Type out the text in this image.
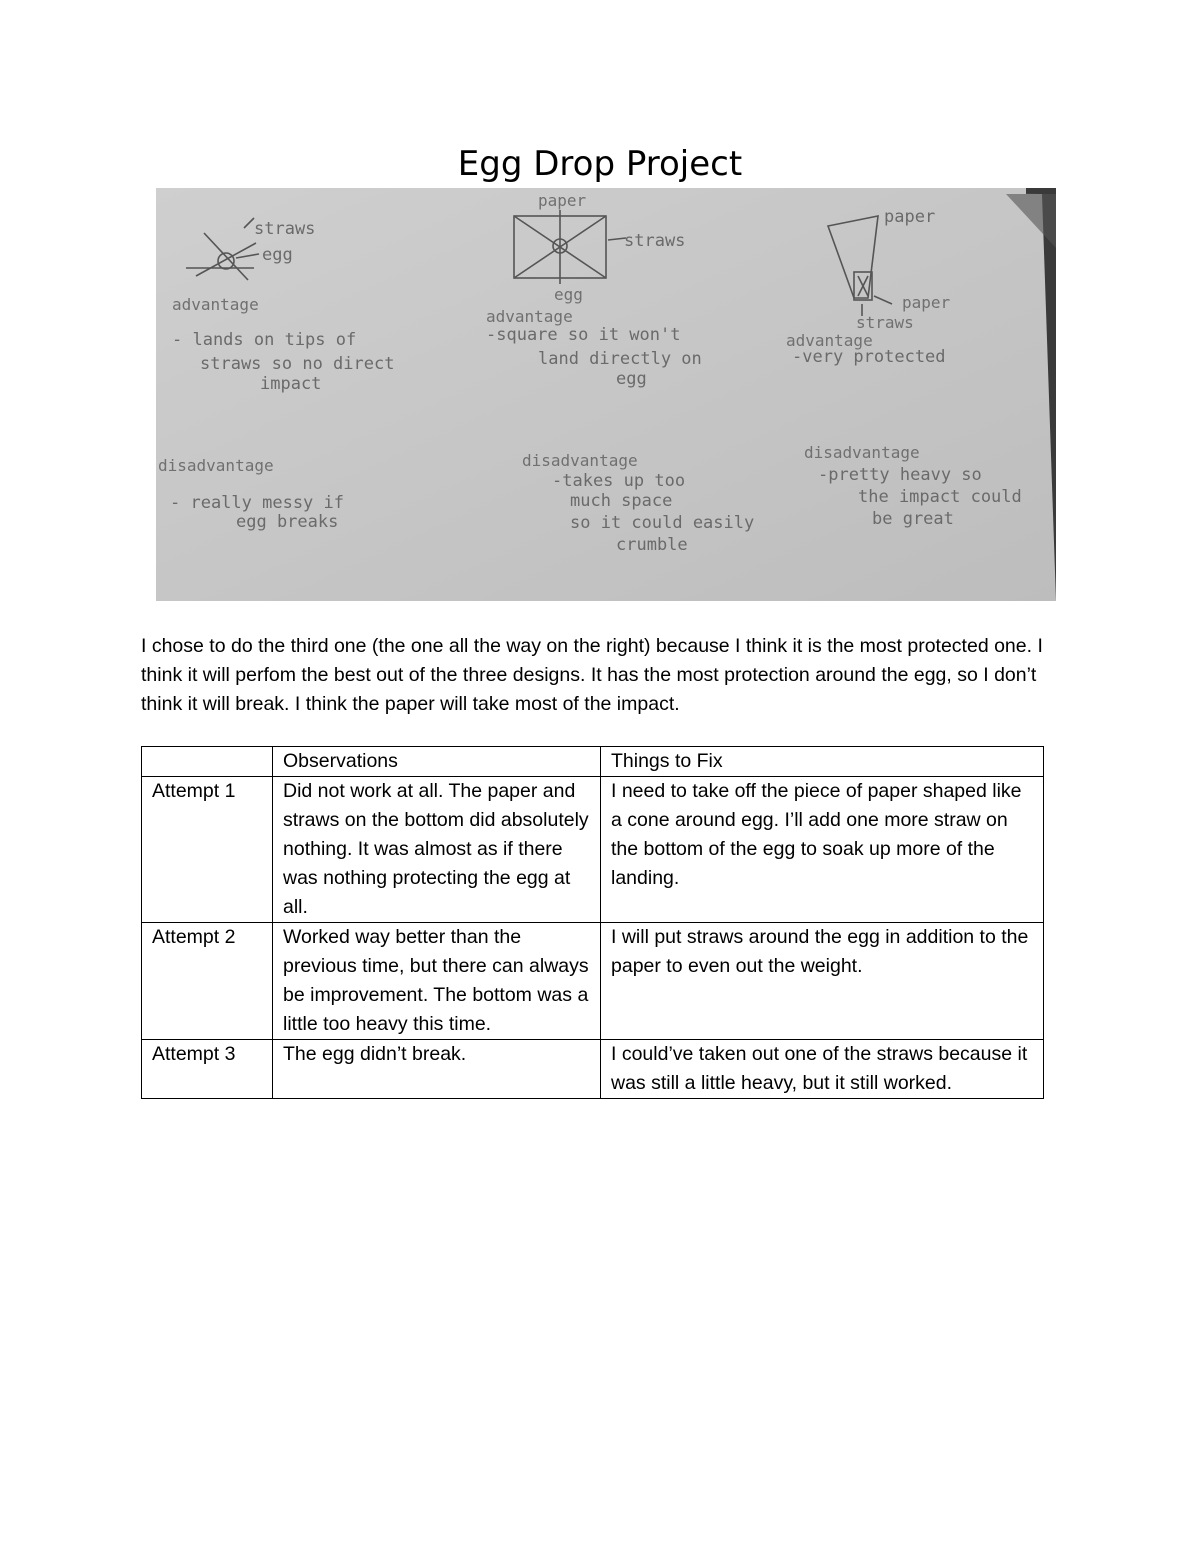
Egg Drop Project
straws
egg
advantage
- lands on tips of
straws so no direct
impact
disadvantage
- really messy if
egg breaks
paper
straws
egg
advantage
-square so it won't
land directly on
egg
disadvantage
-takes up too
much space
so it could easily
crumble
paper
paper
straws
advantage
-very protected
disadvantage
-pretty heavy so
the impact could
be great
I chose to do the third one (the one all the way on the right) because I think it is the most protected one. I think it will perfom the best out of the three designs. It has the most protection around the egg, so I don’t think it will break. I think the paper will take most of the impact.
	Observations	Things to Fix
Attempt 1	Did not work at all. The paper and straws on the bottom did absolutely nothing. It was almost as if there was nothing protecting the egg at all.	I need to take off the piece of paper shaped like a cone around egg. I’ll add one more straw on the bottom of the egg to soak up more of the landing.
Attempt 2	Worked way better than the previous time, but there can always be improvement. The bottom was a little too heavy this time.	I will put straws around the egg in addition to the paper to even out the weight.
Attempt 3	The egg didn’t break.	I could’ve taken out one of the straws because it was still a little heavy, but it still worked.
